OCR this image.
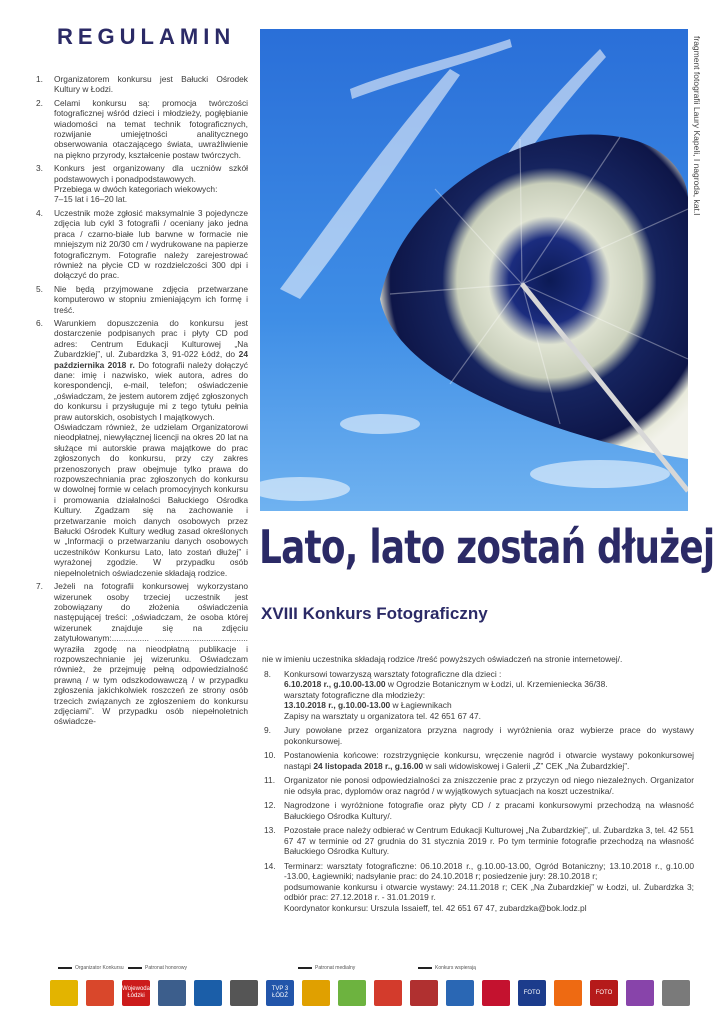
REGULAMIN
1. Organizatorem konkursu jest Bałucki Ośrodek Kultury w Łodzi.
2. Celami konkursu są: promocja twórczości fotograficznej wśród dzieci i młodzieży, pogłębianie wiadomości na temat technik fotograficznych, rozwijanie umiejętności analitycznego obserwowania otaczającego świata, uwrażliwienie na piękno przyrody, kształcenie postaw twórczych.
3. Konkurs jest organizowany dla uczniów szkół podstawowych i ponadpodstawowych.
Przebiega w dwóch kategoriach wiekowych:
7–15 lat i 16–20 lat.
4. Uczestnik może zgłosić maksymalnie 3 pojedyncze zdjęcia lub cykl 3 fotografii / oceniany jako jedna praca / czarno-białe lub barwne w formacie nie mniejszym niż 20/30 cm / wydrukowane na papierze fotograficznym. Fotografie należy zarejestrować również na płycie CD w rozdzielczości 300 dpi i dołączyć do prac.
5. Nie będą przyjmowane zdjęcia przetwarzane komputerowo w stopniu zmieniającym ich formę i treść.
6. Warunkiem dopuszczenia do konkursu jest dostarczenie podpisanych prac i płyty CD pod adres: Centrum Edukacji Kulturowej „Na Żubardzkiej”, ul. Żubardzka 3, 91-022 Łódź, do 24 października 2018 r. Do fotografii należy dołączyć dane: imię i nazwisko, wiek autora, adres do korespondencji, e-mail, telefon; oświadczenie „oświadczam, że jestem autorem zdjęć zgłoszonych do konkursu i przysługuje mi z tego tytułu pełnia praw autorskich, osobistych I majątkowych.
Oświadczam również, że udzielam Organizatorowi nieodpłatnej, niewyłącznej licencji na okres 20 lat na służące mi autorskie prawa majątkowe do prac zgłoszonych do konkursu, przy czy zakres przenoszonych praw obejmuje tylko prawa do rozpowszechniania prac zgłoszonych do konkursu w dowolnej formie w celach promocyjnych konkursu i promowania działalności Bałuckiego Ośrodka Kultury. Zgadzam się na zachowanie i przetwarzanie moich danych osobowych przez Bałucki Ośrodek Kultury według zasad określonych w „Informacji o przetwarzaniu danych osobowych uczestników Konkursu Lato, lato zostań dłużej” i wyrażonej zgodzie. W przypadku osób niepełnoletnich oświadczenie składają rodzice.
7. Jeżeli na fotografii konkursowej wykorzystano wizerunek osoby trzeciej uczestnik jest zobowiązany do złożenia oświadczenia następującej treści: „oświadczam, że osoba której wizerunek znajduje się na zdjęciu zatytułowanym:................ ........................................ wyraziła zgodę na nieodpłatną publikacje i rozpowszechnianie jej wizerunku. Oświadczam również, że przejmuję pełną odpowiedzialność prawną / w tym odszkodowawczą / w przypadku zgłoszenia jakichkolwiek roszczeń ze strony osób trzecich związanych ze zgłoszeniem do konkursu zdjęciami”. W przypadku osób niepełnoletnich oświadcze-
fragment fotografii Laury Kapeli, I nagroda, kat.I
Lato, lato zostań dłużej
XVIII Konkurs Fotograficzny
nie w imieniu uczestnika składają rodzice /treść powyższych oświadczeń na stronie internetowej/.
8. Konkursowi towarzyszą warsztaty fotograficzne dla dzieci :
6.10.2018 r., g.10.00-13.00 w Ogrodzie Botanicznym w Łodzi, ul. Krzemieniecka 36/38.
warsztaty fotograficzne dla młodzieży:
13.10.2018 r., g.10.00-13.00 w Łagiewnikach
Zapisy na warsztaty u organizatora tel. 42 651 67 47.
9. Jury powołane przez organizatora przyzna nagrody i wyróżnienia oraz wybierze prace do wystawy pokonkursowej.
10. Postanowienia końcowe: rozstrzygnięcie konkursu, wręczenie nagród i otwarcie wystawy pokonkursowej nastąpi 24 listopada 2018 r., g.16.00 w sali widowiskowej i Galerii „Ż” CEK „Na Żubardzkiej”.
11. Organizator nie ponosi odpowiedzialności za zniszczenie prac z przyczyn od niego niezależnych. Organizator nie odsyła prac, dyplomów oraz nagród / w wyjątkowych sytuacjach na koszt uczestnika/.
12. Nagrodzone i wyróżnione fotografie oraz płyty CD / z pracami konkursowymi przechodzą na własność Bałuckiego Ośrodka Kultury/.
13. Pozostałe prace należy odbierać w Centrum Edukacji Kulturowej „Na Żubardzkiej”, ul. Żubardzka 3, tel. 42 551 67 47 w terminie od 27 grudnia do 31 stycznia 2019 r. Po tym terminie fotografie przechodzą na własność Bałuckiego Ośrodka Kultury.
14. Terminarz: warsztaty fotograficzne: 06.10.2018 r., g.10.00-13.00, Ogród Botaniczny; 13.10.2018 r., g.10.00 -13.00, Łagiewniki; nadsyłanie prac: do 24.10.2018 r; posiedzenie jury: 28.10.2018 r;
podsumowanie konkursu i otwarcie wystawy: 24.11.2018 r; CEK „Na Żubardzkiej” w Łodzi, ul. Żubardzka 3; odbiór prac: 27.12.2018 r. - 31.01.2019 r.
Koordynator konkursu: Urszula Issaieff, tel. 42 651 67 47, zubardzka@bok.lodz.pl
Organizator Konkursu	Patronat honorowy	Patronat medialny	Konkurs wspierają
Wojewoda Łódzki
TVP 3 ŁÓDŹ
FOTO	FOTO
